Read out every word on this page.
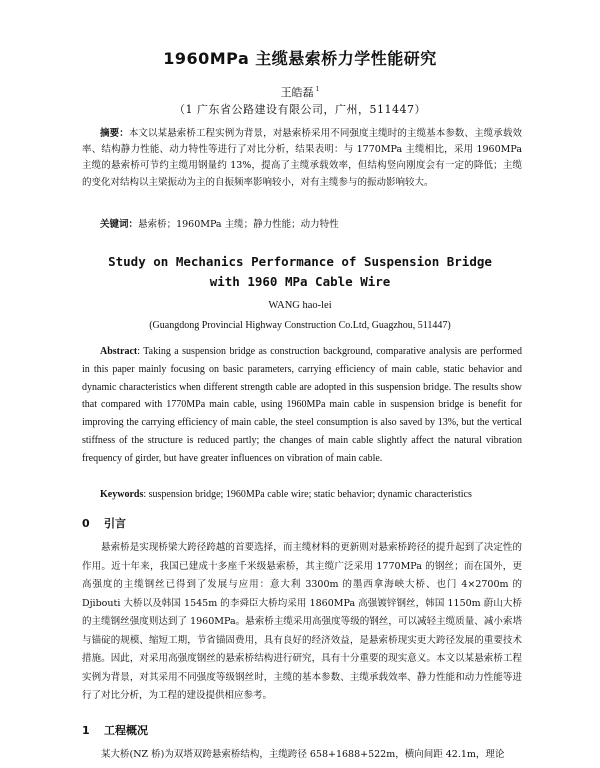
1960MPa 主缆悬索桥力学性能研究
王皓磊 $^1$
（1 广东省公路建设有限公司，广州，511447）
摘要：本文以某悬索桥工程实例为背景，对悬索桥采用不同强度主缆时的主缆基本参数、主缆承载效率、结构静力性能、动力特性等进行了对比分析，结果表明：与 1770MPa 主缆相比，采用 1960MPa 主缆的悬索桥可节约主缆用钢量约 13%，提高了主缆承载效率，但结构竖向刚度会有一定的降低；主缆的变化对结构以主梁振动为主的自振频率影响较小，对有主缆参与的振动影响较大。
关键词：悬索桥；1960MPa 主缆；静力性能；动力特性
Study on Mechanics Performance of Suspension Bridge
with 1960 MPa Cable Wire
WANG hao-lei
(Guangdong Provincial Highway Construction Co.Ltd, Guagzhou, 511447)
Abstract: Taking a suspension bridge as construction background, comparative analysis are performed in this paper mainly focusing on basic parameters, carrying efficiency of main cable, static behavior and dynamic characteristics when different strength cable are adopted in this suspension bridge. The results show that compared with 1770MPa main cable, using 1960MPa main cable in suspension bridge is benefit for improving the carrying efficiency of main cable, the steel consumption is also saved by 13%, but the vertical stiffness of the structure is reduced partly; the changes of main cable slightly affect the natural vibration frequency of girder, but have greater influences on vibration of main cable.
Keywords: suspension bridge; 1960MPa cable wire; static behavior; dynamic characteristics
0 引言
悬索桥是实现桥梁大跨径跨越的首要选择，而主缆材料的更新则对悬索桥跨径的提升起到了决定性的作用。近十年来，我国已建成十多座千米级悬索桥，其主缆广泛采用 1770MPa 的钢丝；而在国外，更高强度的主缆钢丝已得到了发展与应用：意大利 3300m 的墨西拿海峡大桥、也门 4×2700m 的 Djibouti 大桥以及韩国 1545m 的李舜臣大桥均采用 1860MPa 高强镀锌钢丝，韩国 1150m 蔚山大桥的主缆钢丝强度则达到了 1960MPa。悬索桥主缆采用高强度等级的钢丝，可以减轻主缆质量、减小索塔与锚碇的规模、缩短工期，节省锚固费用，具有良好的经济效益，是悬索桥现实更大跨径发展的重要技术措施。因此，对采用高强度钢丝的悬索桥结构进行研究，具有十分重要的现实意义。本文以某悬索桥工程实例为背景，对其采用不同强度等级钢丝时，主缆的基本参数、主缆承载效率、静力性能和动力性能等进行了对比分析，为工程的建设提供相应参考。
1 工程概况
某大桥(NZ 桥)为双塔双跨悬索桥结构，主缆跨径 658+1688+522m，横向间距 42.1m，理论
